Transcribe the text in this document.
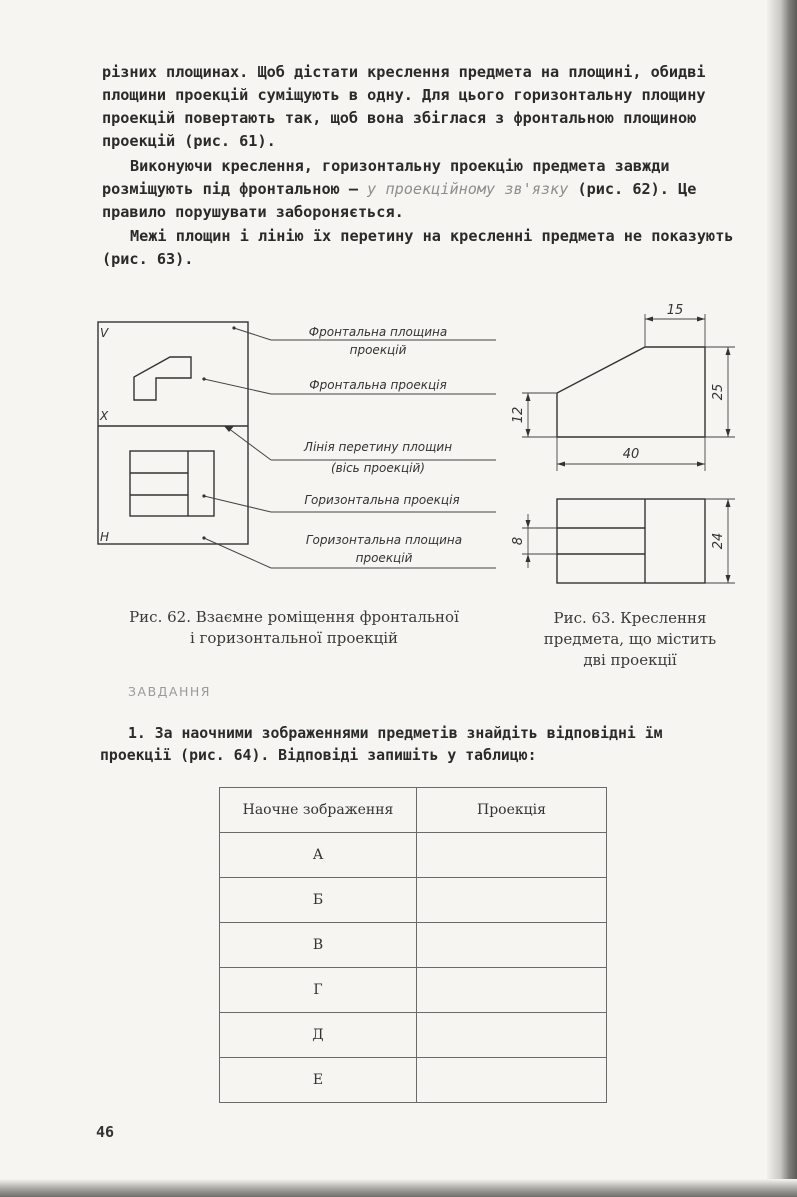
різних площинах. Щоб дістати креслення предмета на площині, обидві площини проекцій суміщують в одну. Для цього горизонтальну площину проекцій повертають так, щоб вона збіглася з фронтальною площиною проекцій (рис. 61).

Виконуючи креслення, горизонтальну проекцію предмета завжди розміщують під фронтальною — у проекційному зв'язку (рис. 62). Це правило порушувати забороняється.

Межі площин і лінію їх перетину на кресленні предмета не показують (рис. 63).

V
X
H
Фронтальна площина
проекцій
Фронтальна проекція
Лінія перетину площин
(вісь проекцій)
Горизонтальна проекція
Горизонтальна площина
проекцій
15
12
25
40
8	24
Рис. 62. Взаємне роміщення фронтальної
і горизонтальної проекцій
Рис. 63. Креслення
предмета, що містить
дві проекції
ЗАВДАННЯ

1. За наочними зображеннями предметів знайдіть відповідні їм проекції (рис. 64). Відповіді запишіть у таблицю:

Наочне зображення	Проекція
А	
Б	
В	
Г	
Д	
Е	
46
